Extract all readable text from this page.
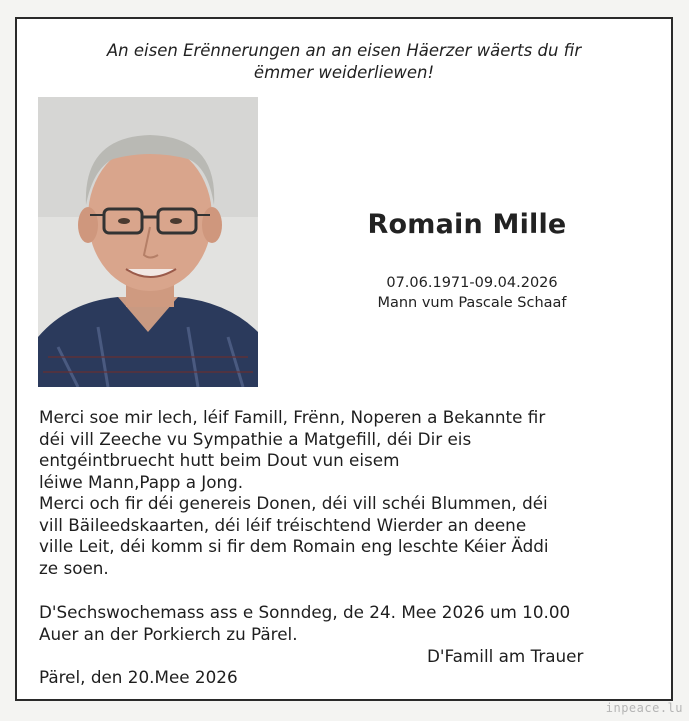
An eisen Erënnerungen an an eisen Häerzer wäerts du fir
ëmmer weiderliewen!
Romain Mille
07.06.1971-09.04.2026
Mann vum Pascale Schaaf
Merci soe mir lech, léif Famill, Frënn, Noperen a Bekannte fir
déi vill Zeeche vu Sympathie a Matgefill, déi Dir eis
entgéintbruecht hutt beim Dout vun eisem
léiwe Mann,Papp a Jong.
Merci och fir déi genereis Donen, déi vill schéi Blummen, déi
vill Bäileedskaarten, déi léif tréischtend Wierder an deene
ville Leit, déi komm si fir dem Romain eng leschte Kéier Äddi
ze soen.
D'Sechswochemass ass e Sonndeg, de 24. Mee 2026 um 10.00
Auer an der Porkierch zu Pärel.
D'Famill am Trauer
Pärel, den 20.Mee 2026
inpeace.lu
